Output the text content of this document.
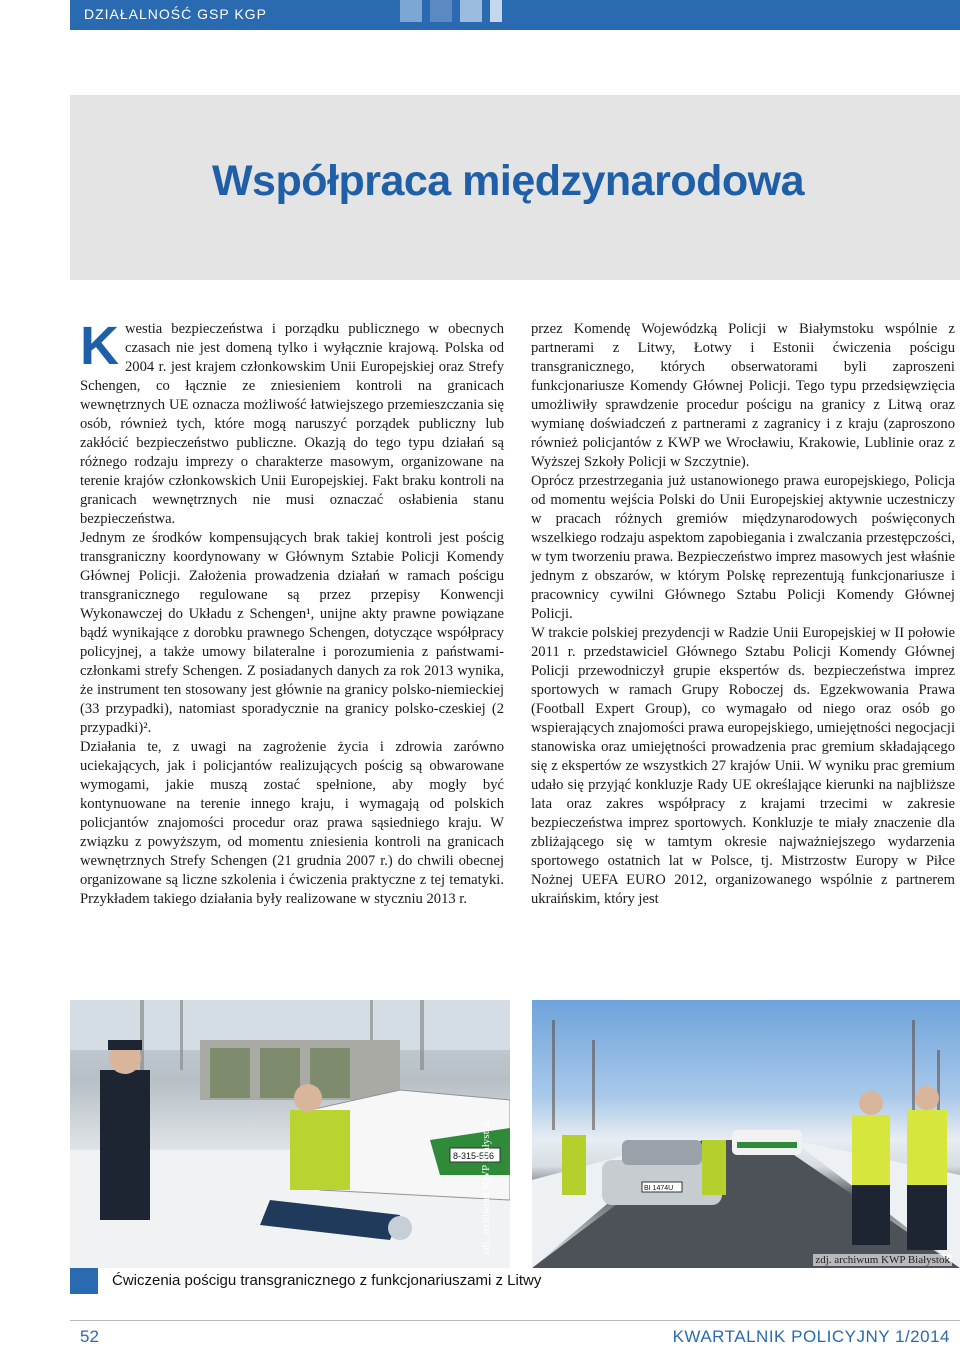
DZIAŁALNOŚĆ GSP KGP
Współpraca międzynarodowa

Kwestia bezpieczeństwa i porządku publicznego w obecnych czasach nie jest domeną tylko i wyłącznie krajową. Polska od 2004 r. jest krajem członkowskim Unii Europejskiej oraz Strefy Schengen, co łącznie ze zniesieniem kontroli na granicach wewnętrznych UE oznacza możliwość łatwiejszego przemieszczania się osób, również tych, które mogą naruszyć porządek publiczny lub zakłócić bezpieczeństwo publiczne. Okazją do tego typu działań są różnego rodzaju imprezy o charakterze masowym, organizowane na terenie krajów członkowskich Unii Europejskiej. Fakt braku kontroli na granicach wewnętrznych nie musi oznaczać osłabienia stanu bezpieczeństwa.

Jednym ze środków kompensujących brak takiej kontroli jest pościg transgraniczny koordynowany w Głównym Sztabie Policji Komendy Głównej Policji. Założenia prowadzenia działań w ramach pościgu transgranicznego regulowane są przez przepisy Konwencji Wykonawczej do Układu z Schengen¹, unijne akty prawne powiązane bądź wynikające z dorobku prawnego Schengen, dotyczące współpracy policyjnej, a także umowy bilateralne i porozumienia z państwami-członkami strefy Schengen. Z posiadanych danych za rok 2013 wynika, że instrument ten stosowany jest głównie na granicy polsko-niemieckiej (33 przypadki), natomiast sporadycznie na granicy polsko-czeskiej (2 przypadki)².

Działania te, z uwagi na zagrożenie życia i zdrowia zarówno uciekających, jak i policjantów realizujących pościg są obwarowane wymogami, jakie muszą zostać spełnione, aby mogły być kontynuowane na terenie innego kraju, i wymagają od polskich policjantów znajomości procedur oraz prawa sąsiedniego kraju. W związku z powyższym, od momentu zniesienia kontroli na granicach wewnętrznych Strefy Schengen (21 grudnia 2007 r.) do chwili obecnej organizowane są liczne szkolenia i ćwiczenia praktyczne z tej tematyki. Przykładem takiego działania były realizowane w styczniu 2013 r.

przez Komendę Wojewódzką Policji w Białymstoku wspólnie z partnerami z Litwy, Łotwy i Estonii ćwiczenia pościgu transgranicznego, których obserwatorami byli zaproszeni funkcjonariusze Komendy Głównej Policji. Tego typu przedsięwzięcia umożliwiły sprawdzenie procedur pościgu na granicy z Litwą oraz wymianę doświadczeń z partnerami z zagranicy i z kraju (zaproszono również policjantów z KWP we Wrocławiu, Krakowie, Lublinie oraz z Wyższej Szkoły Policji w Szczytnie).

Oprócz przestrzegania już ustanowionego prawa europejskiego, Policja od momentu wejścia Polski do Unii Europejskiej aktywnie uczestniczy w pracach różnych gremiów międzynarodowych poświęconych wszelkiego rodzaju aspektom zapobiegania i zwalczania przestępczości, w tym tworzeniu prawa. Bezpieczeństwo imprez masowych jest właśnie jednym z obszarów, w którym Polskę reprezentują funkcjonariusze i pracownicy cywilni Głównego Sztabu Policji Komendy Głównej Policji.

W trakcie polskiej prezydencji w Radzie Unii Europejskiej w II połowie 2011 r. przedstawiciel Głównego Sztabu Policji Komendy Głównej Policji przewodniczył grupie ekspertów ds. bezpieczeństwa imprez sportowych w ramach Grupy Roboczej ds. Egzekwowania Prawa (Football Expert Group), co wymagało od niego oraz osób go wspierających znajomości prawa europejskiego, umiejętności negocjacji stanowiska oraz umiejętności prowadzenia prac gremium składającego się z ekspertów ze wszystkich 27 krajów Unii. W wyniku prac gremium udało się przyjąć konkluzje Rady UE określające kierunki na najbliższe lata oraz zakres współpracy z krajami trzecimi w zakresie bezpieczeństwa imprez sportowych. Konkluzje te miały znaczenie dla zbliżającego się w tamtym okresie najważniejszego wydarzenia sportowego ostatnich lat w Polsce, tj. Mistrzostw Europy w Piłce Nożnej UEFA EURO 2012, organizowanego wspólnie z partnerem ukraińskim, który jest

8-315-556
zdj. archiwum KWP Białystok	BI 1474U
zdj. archiwum KWP Białystok
Ćwiczenia pościgu transgranicznego z funkcjonariuszami z Litwy
52	KWARTALNIK POLICYJNY 1/2014
